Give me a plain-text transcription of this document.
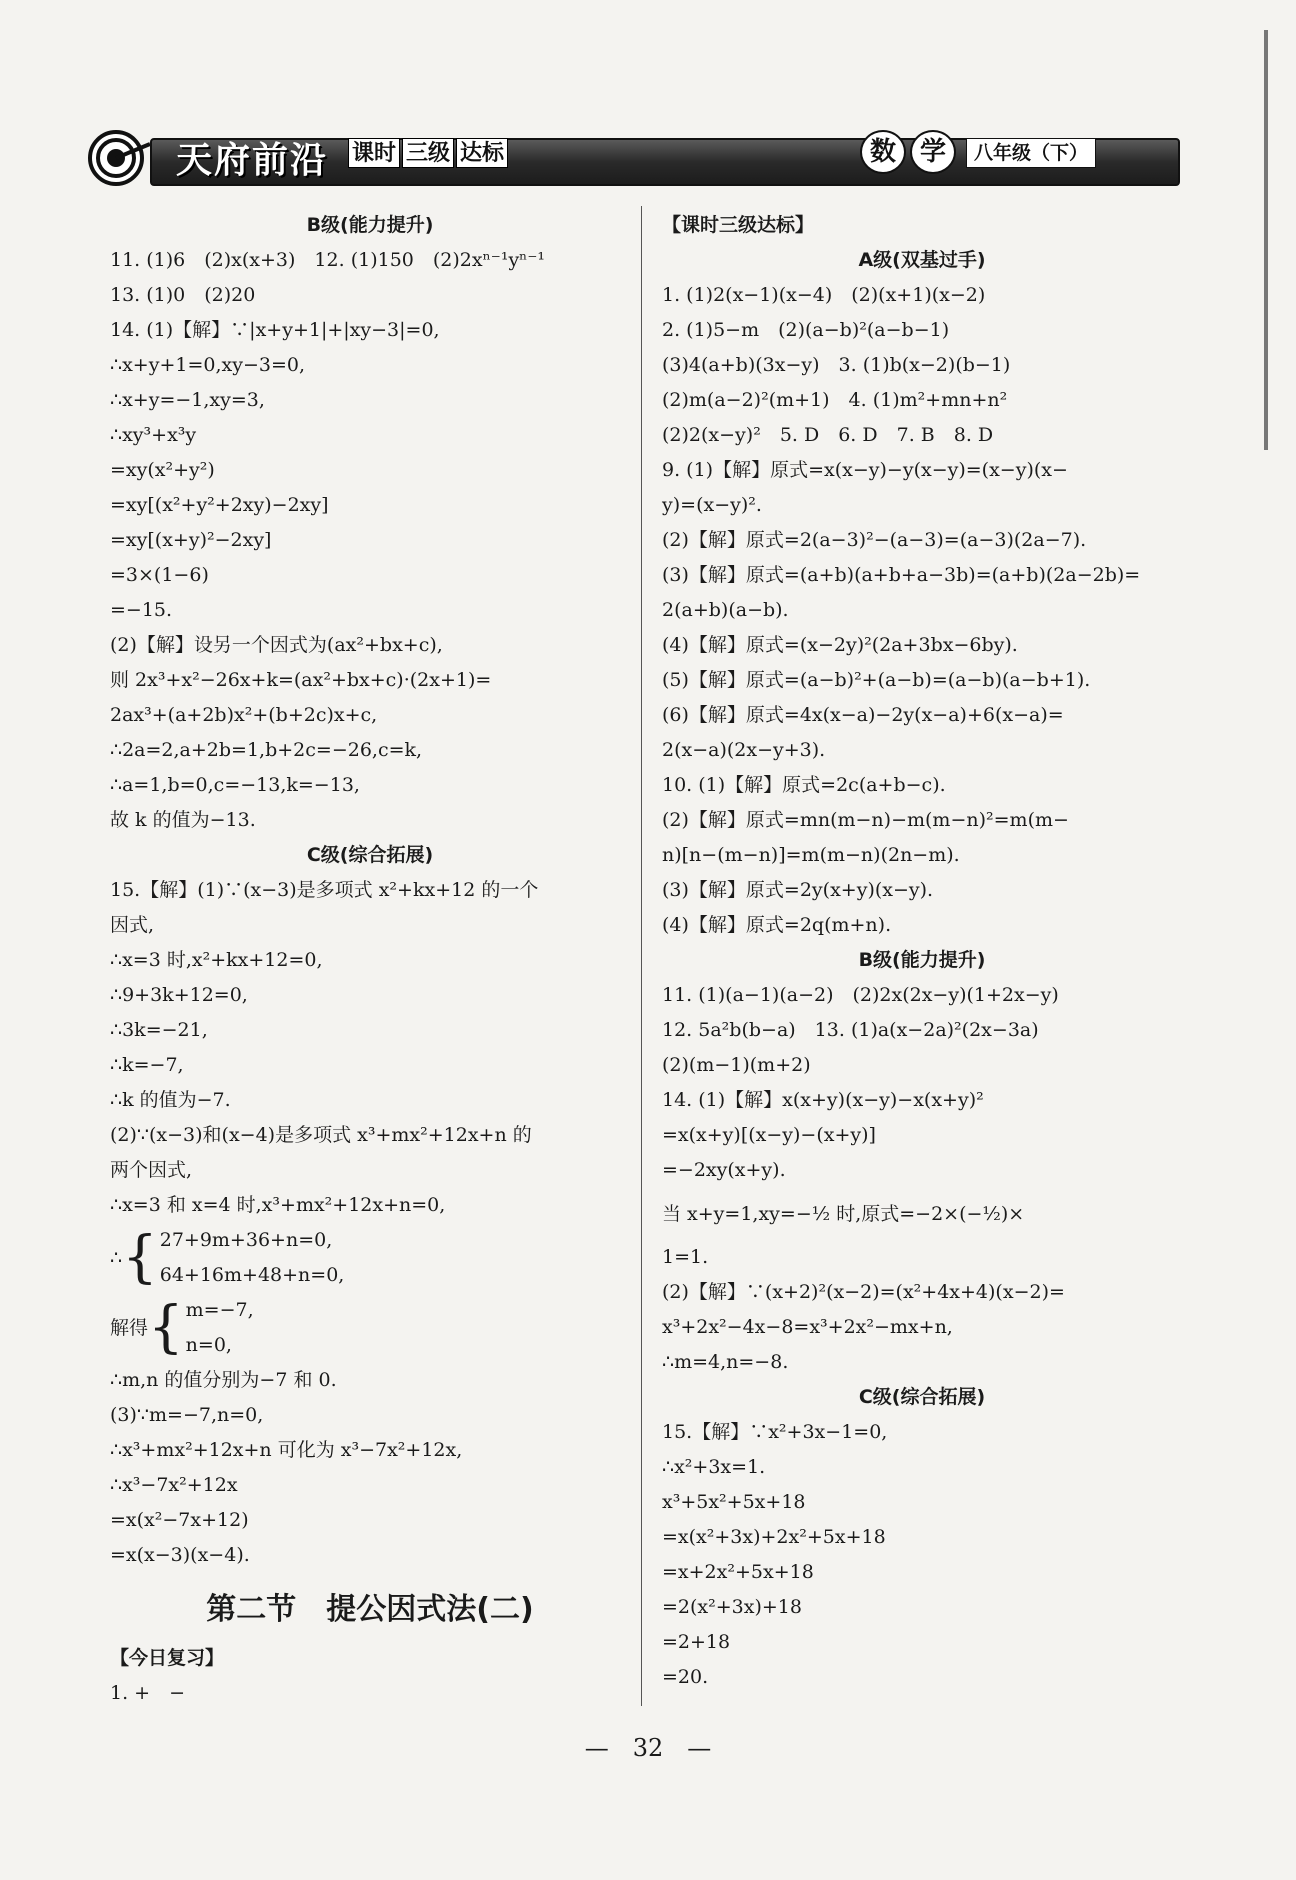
天府前沿 课时 三级 达标	数 学	八年级（下）
B级(能力提升)
11. (1)6　(2)x(x+3)　12. (1)150　(2)2xⁿ⁻¹yⁿ⁻¹
13. (1)0　(2)20
14. (1)【解】∵|x+y+1|+|xy−3|=0,
∴x+y+1=0,xy−3=0,
∴x+y=−1,xy=3,
∴xy³+x³y
=xy(x²+y²)
=xy[(x²+y²+2xy)−2xy]
=xy[(x+y)²−2xy]
=3×(1−6)
=−15.
(2)【解】设另一个因式为(ax²+bx+c),
则 2x³+x²−26x+k=(ax²+bx+c)·(2x+1)=
2ax³+(a+2b)x²+(b+2c)x+c,
∴2a=2,a+2b=1,b+2c=−26,c=k,
∴a=1,b=0,c=−13,k=−13,
故 k 的值为−13.
C级(综合拓展)
15.【解】(1)∵(x−3)是多项式 x²+kx+12 的一个
因式,
∴x=3 时,x²+kx+12=0,
∴9+3k+12=0,
∴3k=−21,
∴k=−7,
∴k 的值为−7.
(2)∵(x−3)和(x−4)是多项式 x³+mx²+12x+n 的
两个因式,
∴x=3 和 x=4 时,x³+mx²+12x+n=0,
∴ { 27+9m+36+n=0,
64+16m+48+n=0,
解得 { m=−7,
n=0,
∴m,n 的值分别为−7 和 0.
(3)∵m=−7,n=0,
∴x³+mx²+12x+n 可化为 x³−7x²+12x,
∴x³−7x²+12x
=x(x²−7x+12)
=x(x−3)(x−4).
第二节　提公因式法(二)
【今日复习】
1. +　−
【课时三级达标】
A级(双基过手)
1. (1)2(x−1)(x−4)　(2)(x+1)(x−2)
2. (1)5−m　(2)(a−b)²(a−b−1)
(3)4(a+b)(3x−y)　3. (1)b(x−2)(b−1)
(2)m(a−2)²(m+1)　4. (1)m²+mn+n²
(2)2(x−y)²　5. D　6. D　7. B　8. D
9. (1)【解】原式=x(x−y)−y(x−y)=(x−y)(x−
y)=(x−y)².
(2)【解】原式=2(a−3)²−(a−3)=(a−3)(2a−7).
(3)【解】原式=(a+b)(a+b+a−3b)=(a+b)(2a−2b)=
2(a+b)(a−b).
(4)【解】原式=(x−2y)²(2a+3bx−6by).
(5)【解】原式=(a−b)²+(a−b)=(a−b)(a−b+1).
(6)【解】原式=4x(x−a)−2y(x−a)+6(x−a)=
2(x−a)(2x−y+3).
10. (1)【解】原式=2c(a+b−c).
(2)【解】原式=mn(m−n)−m(m−n)²=m(m−
n)[n−(m−n)]=m(m−n)(2n−m).
(3)【解】原式=2y(x+y)(x−y).
(4)【解】原式=2q(m+n).
B级(能力提升)
11. (1)(a−1)(a−2)　(2)2x(2x−y)(1+2x−y)
12. 5a²b(b−a)　13. (1)a(x−2a)²(2x−3a)
(2)(m−1)(m+2)
14. (1)【解】x(x+y)(x−y)−x(x+y)²
=x(x+y)[(x−y)−(x+y)]
=−2xy(x+y).
当 x+y=1,xy=−½ 时,原式=−2×(−½)×
1=1.
(2)【解】∵(x+2)²(x−2)=(x²+4x+4)(x−2)=
x³+2x²−4x−8=x³+2x²−mx+n,
∴m=4,n=−8.
C级(综合拓展)
15.【解】∵x²+3x−1=0,
∴x²+3x=1.
x³+5x²+5x+18
=x(x²+3x)+2x²+5x+18
=x+2x²+5x+18
=2(x²+3x)+18
=2+18
=20.
—　32　—
